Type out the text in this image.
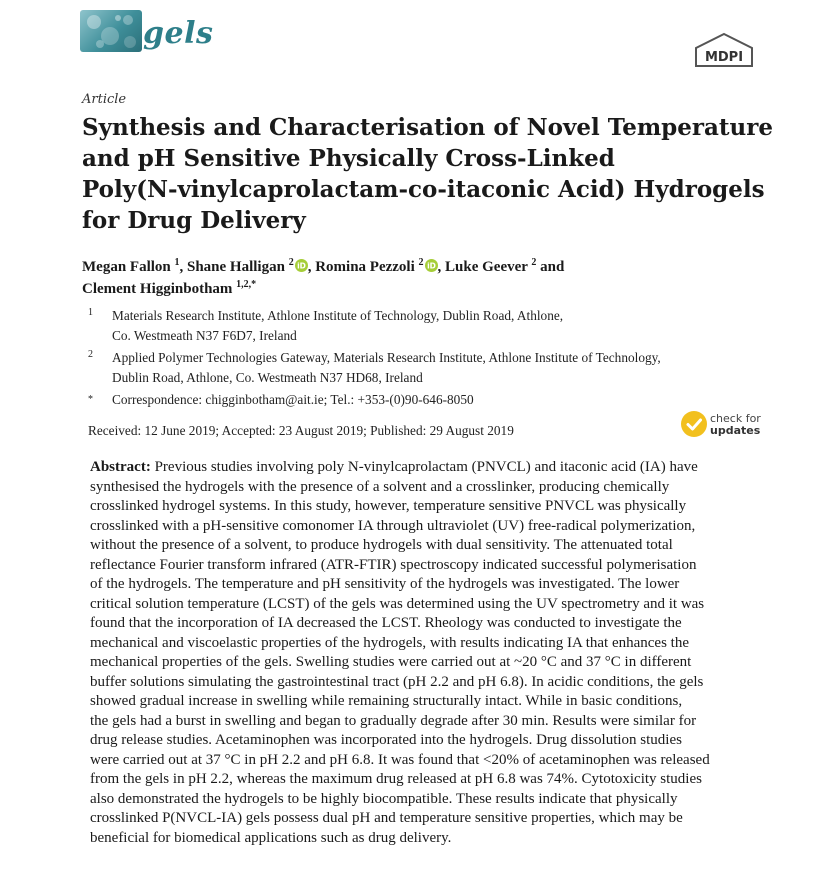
gels
MDPI
Article
Synthesis and Characterisation of Novel Temperature
and pH Sensitive Physically Cross-Linked
Poly(N-vinylcaprolactam-co-itaconic Acid) Hydrogels
for Drug Delivery
Megan Fallon $^1$, Shane Halligan $^2$ iD , Romina Pezzoli $^2$ iD , Luke Geever $^2$ and
Clement Higginbotham $^{1,2,*}$
1 Materials Research Institute, Athlone Institute of Technology, Dublin Road, Athlone,
Co. Westmeath N37 F6D7, Ireland
2 Applied Polymer Technologies Gateway, Materials Research Institute, Athlone Institute of Technology,
Dublin Road, Athlone, Co. Westmeath N37 HD68, Ireland
* Correspondence: chigginbotham@ait.ie; Tel.: +353-(0)90-646-8050
Received: 12 June 2019; Accepted: 23 August 2019; Published: 29 August 2019
check for
updates
Abstract: Previous studies involving poly N-vinylcaprolactam (PNVCL) and itaconic acid (IA) have
synthesised the hydrogels with the presence of a solvent and a crosslinker, producing chemically
crosslinked hydrogel systems. In this study, however, temperature sensitive PNVCL was physically
crosslinked with a pH-sensitive comonomer IA through ultraviolet (UV) free-radical polymerization,
without the presence of a solvent, to produce hydrogels with dual sensitivity. The attenuated total
reflectance Fourier transform infrared (ATR-FTIR) spectroscopy indicated successful polymerisation
of the hydrogels. The temperature and pH sensitivity of the hydrogels was investigated. The lower
critical solution temperature (LCST) of the gels was determined using the UV spectrometry and it was
found that the incorporation of IA decreased the LCST. Rheology was conducted to investigate the
mechanical and viscoelastic properties of the hydrogels, with results indicating IA that enhances the
mechanical properties of the gels. Swelling studies were carried out at ~20 °C and 37 °C in different
buffer solutions simulating the gastrointestinal tract (pH 2.2 and pH 6.8). In acidic conditions, the gels
showed gradual increase in swelling while remaining structurally intact. While in basic conditions,
the gels had a burst in swelling and began to gradually degrade after 30 min. Results were similar for
drug release studies. Acetaminophen was incorporated into the hydrogels. Drug dissolution studies
were carried out at 37 °C in pH 2.2 and pH 6.8. It was found that <20% of acetaminophen was released
from the gels in pH 2.2, whereas the maximum drug released at pH 6.8 was 74%. Cytotoxicity studies
also demonstrated the hydrogels to be highly biocompatible. These results indicate that physically
crosslinked P(NVCL-IA) gels possess dual pH and temperature sensitive properties, which may be
beneficial for biomedical applications such as drug delivery.
